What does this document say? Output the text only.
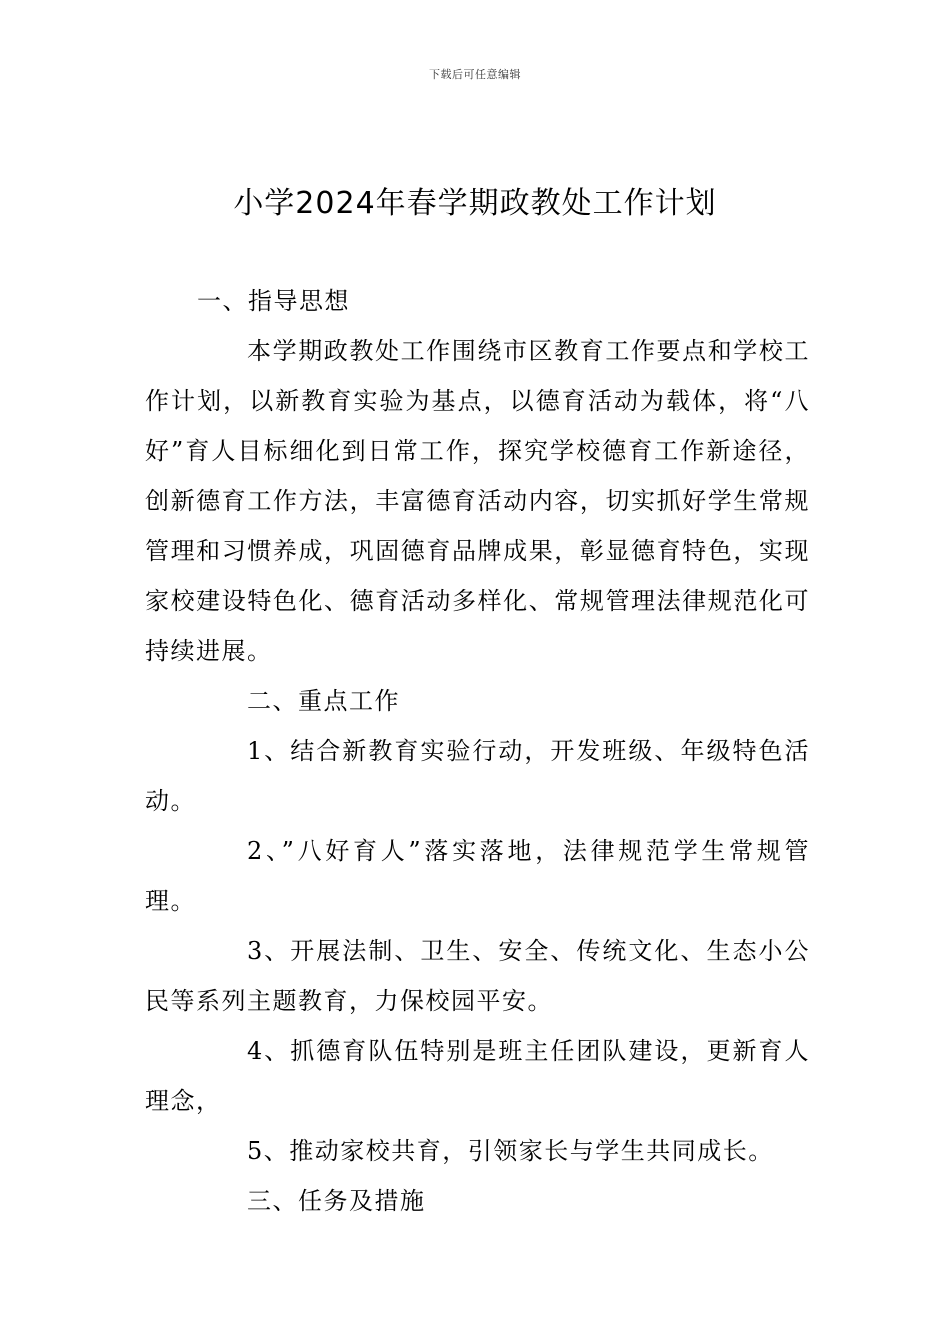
下载后可任意编辑
小学2024年春学期政教处工作计划

一、指导思想

本学期政教处工作围绕市区教育工作要点和学校工作计划，以新教育实验为基点，以德育活动为载体，将“八好”育人目标细化到日常工作，探究学校德育工作新途径，创新德育工作方法，丰富德育活动内容，切实抓好学生常规管理和习惯养成，巩固德育品牌成果，彰显德育特色，实现家校建设特色化、德育活动多样化、常规管理法律规范化可持续进展。

二、重点工作

1、结合新教育实验行动，开发班级、年级特色活动。

2、”八好育人”落实落地，法律规范学生常规管理。

3、开展法制、卫生、安全、传统文化、生态小公民等系列主题教育，力保校园平安。

4、抓德育队伍特别是班主任团队建设，更新育人理念，

5、推动家校共育，引领家长与学生共同成长。

三、任务及措施
